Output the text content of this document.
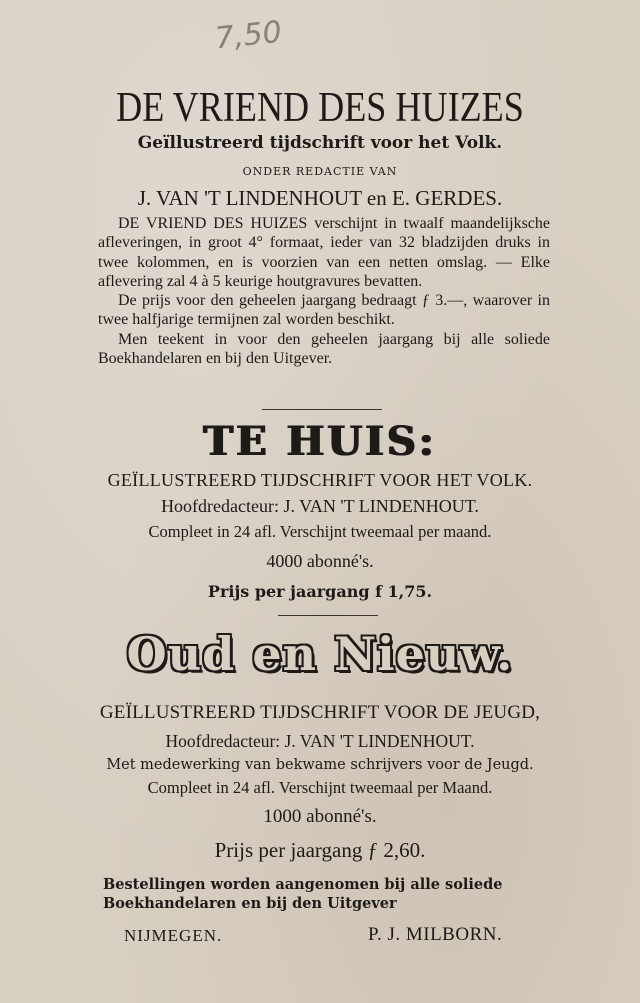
7,50
DE VRIEND DES HUIZES
Geïllustreerd tijdschrift voor het Volk.
ONDER REDACTIE VAN
J. VAN 'T LINDENHOUT en E. GERDES.

DE VRIEND DES HUIZES verschijnt in twaalf maandelijksche afleveringen, in groot 4° formaat, ieder van 32 bladzijden druks in twee kolommen, en is voorzien van een netten omslag. — Elke aflevering zal 4 à 5 keurige houtgravures bevatten.

De prijs voor den geheelen jaargang bedraagt ƒ 3.—, waarover in twee halfjarige termijnen zal worden beschikt.

Men teekent in voor den geheelen jaargang bij alle soliede Boekhandelaren en bij den Uitgever.

TE HUIS:
GEÏLLUSTREERD TIJDSCHRIFT VOOR HET VOLK.
Hoofdredacteur: J. VAN 'T LINDENHOUT.
Compleet in 24 afl. Verschijnt tweemaal per maand.
4000 abonné's.
Prijs per jaargang f 1,75.
Oud en Nieuw.
GEÏLLUSTREERD TIJDSCHRIFT VOOR DE JEUGD,
Hoofdredacteur: J. VAN 'T LINDENHOUT.
Met medewerking van bekwame schrijvers voor de Jeugd.
Compleet in 24 afl. Verschijnt tweemaal per Maand.
1000 abonné's.
Prijs per jaargang ƒ 2,60.
Bestellingen worden aangenomen bij alle soliede Boekhandelaren en bij den Uitgever
NIJMEGEN.	P. J. MILBORN.
